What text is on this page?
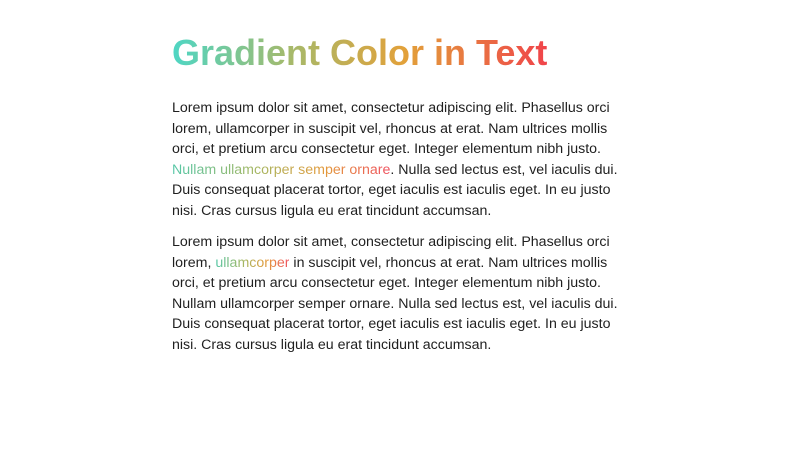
Gradient Color in Text

Lorem ipsum dolor sit amet, consectetur adipiscing elit. Phasellus orci lorem, ullamcorper in suscipit vel, rhoncus at erat. Nam ultrices mollis orci, et pretium arcu consectetur eget. Integer elementum nibh justo. Nullam ullamcorper semper ornare. Nulla sed lectus est, vel iaculis dui. Duis consequat placerat tortor, eget iaculis est iaculis eget. In eu justo nisi. Cras cursus ligula eu erat tincidunt accumsan.

Lorem ipsum dolor sit amet, consectetur adipiscing elit. Phasellus orci lorem, ullamcorper in suscipit vel, rhoncus at erat. Nam ultrices mollis orci, et pretium arcu consectetur eget. Integer elementum nibh justo. Nullam ullamcorper semper ornare. Nulla sed lectus est, vel iaculis dui. Duis consequat placerat tortor, eget iaculis est iaculis eget. In eu justo nisi. Cras cursus ligula eu erat tincidunt accumsan.
